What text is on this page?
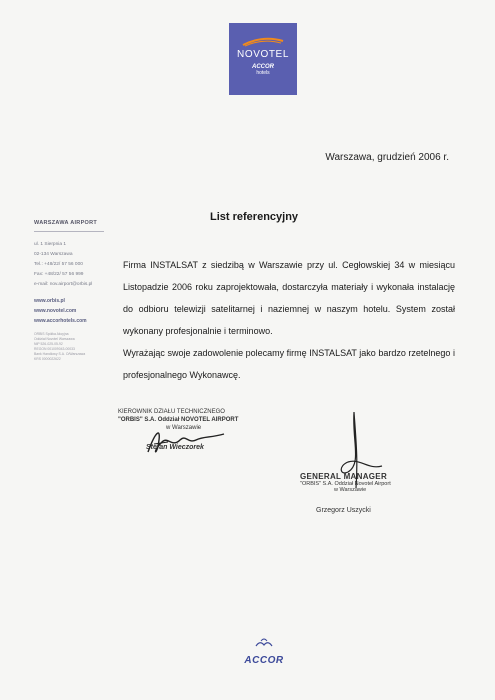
NOVOTEL
ACCOR
hotels
Warszawa, grudzień 2006 r.
WARSZAWA AIRPORT
ul. 1 Sierpnia 1
02-134 Warszawa
Tel.: +48/22/ 57 56 000
Fax: +48/22/ 57 56 999
e-mail: nov.airport@orbis.pl
www.orbis.pl
www.novotel.com
www.accorhotels.com
ORBIS Spółka Akcyjna
Oddział Novotel Warszawa
NIP 526-025-05-92
REGON 001009043-00033
Bank Handlowy S.A. O/Warszawa
KRS 0000022622
List referencyjny

Firma INSTALSAT z siedzibą w Warszawie przy ul. Cegłowskiej 34 w miesiącu Listopadzie 2006 roku zaprojektowała, dostarczyła materiały i wykonała instalację do odbioru telewizji satelitarnej i naziemnej w naszym hotelu. System został wykonany profesjonalnie i terminowo.

Wyrażając swoje zadowolenie polecamy firmę INSTALSAT jako bardzo rzetelnego i profesjonalnego Wykonawcę.

KIEROWNIK DZIAŁU TECHNICZNEGO
"ORBIS" S.A. Oddział NOVOTEL AIRPORT
w Warszawie
Stefan Wieczorek
GENERAL MANAGER
"ORBIS" S.A. Oddział Novotel Airport
w Warszawie
Grzegorz Uszycki
ACCOR
